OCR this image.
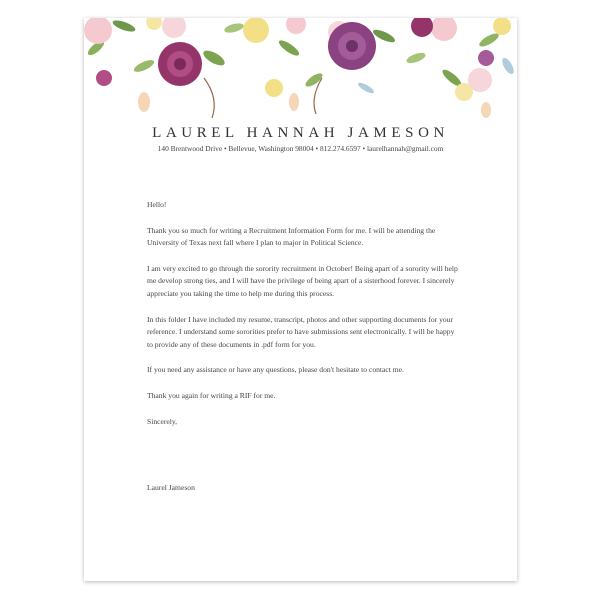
LAUREL HANNAH JAMESON
140 Brentwood Drive • Bellevue, Washington 98004 • 812.274.6597 • laurelhannah@gmail.com

Hello!

Thank you so much for writing a Recruitment Information Form for me. I will be attending the University of Texas next fall where I plan to major in Political Science.

I am very excited to go through the sorority recruitment in October! Being apart of a sorority will help me develop strong ties, and I will have the privilege of being apart of a sisterhood forever. I sincerely appreciate you taking the time to help me during this process.

In this folder I have included my resume, transcript, photos and other supporting documents for your reference. I understand some sororities prefer to have submissions sent electronically. I will be happy to provide any of these documents in .pdf form for you.

If you need any assistance or have any questions, please don't hesitate to contact me.

Thank you again for writing a RIF for me.

Sincerely,

Laurel Jameson
